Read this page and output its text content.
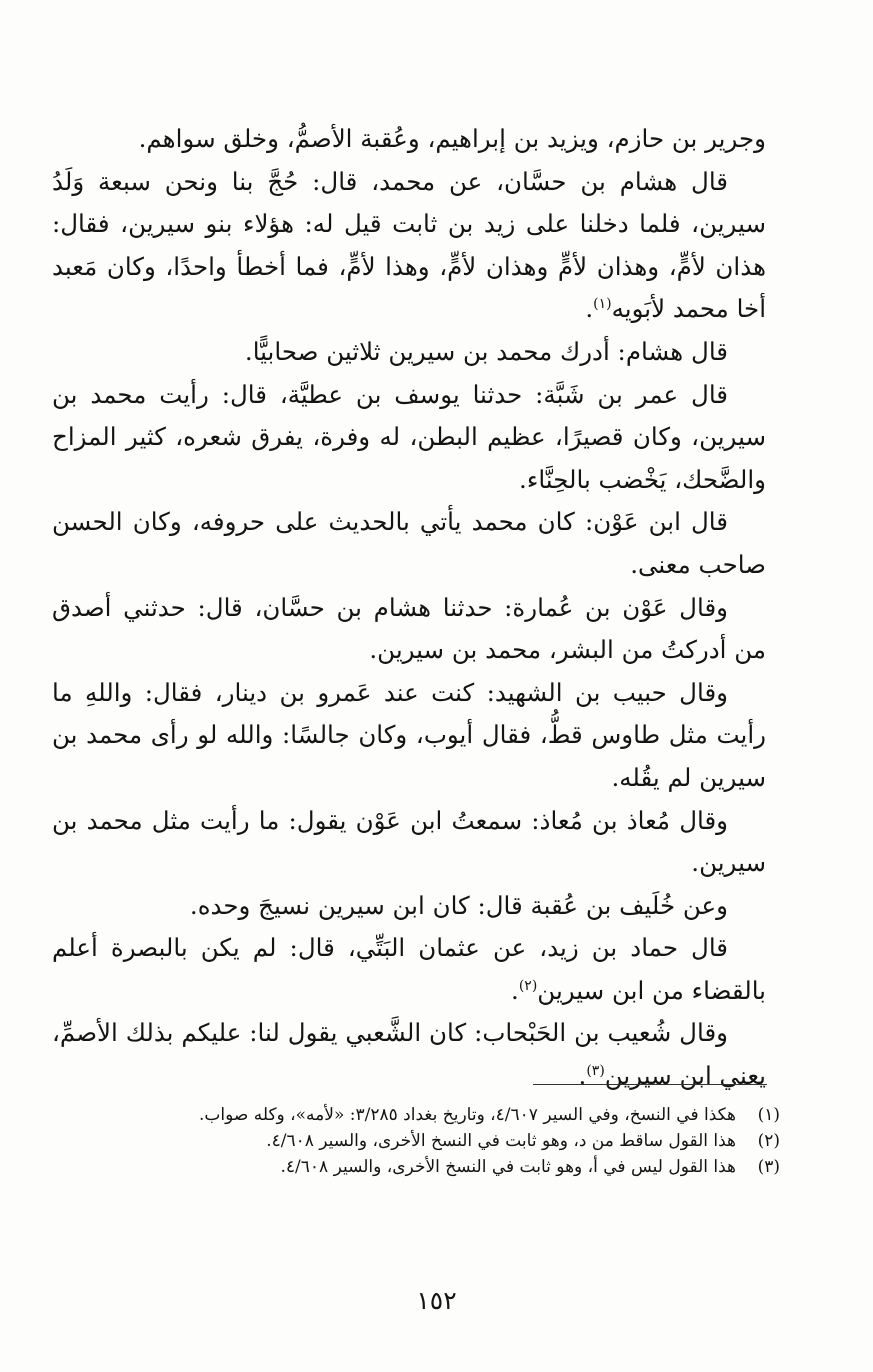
وجرير بن حازم، ويزيد بن إبراهيم، وعُقبة الأصمُّ، وخلق سواهم.

قال هشام بن حسَّان، عن محمد، قال: حُجَّ بنا ونحن سبعة وَلَدُ سيرين، فلما دخلنا على زيد بن ثابت قيل له: هؤلاء بنو سيرين، فقال: هذان لأمٍّ، وهذان لأمٍّ وهذان لأمٍّ، وهذا لأمٍّ، فما أخطأ واحدًا، وكان مَعبد أخا محمد لأبَويه$^{(١)}$.

قال هشام: أدرك محمد بن سيرين ثلاثين صحابيًّا.

قال عمر بن شَبَّة: حدثنا يوسف بن عطيَّة، قال: رأيت محمد بن سيرين، وكان قصيرًا، عظيم البطن، له وفرة، يفرق شعره، كثير المزاح والضَّحك، يَخْضب بالحِنَّاء.

قال ابن عَوْن: كان محمد يأتي بالحديث على حروفه، وكان الحسن صاحب معنى.

وقال عَوْن بن عُمارة: حدثنا هشام بن حسَّان، قال: حدثني أصدق من أدركتُ من البشر، محمد بن سيرين.

وقال حبيب بن الشهيد: كنت عند عَمرو بن دينار، فقال: واللهِ ما رأيت مثل طاوس قطُّ، فقال أيوب، وكان جالسًا: والله لو رأى محمد بن سيرين لم يقُله.

وقال مُعاذ بن مُعاذ: سمعتُ ابن عَوْن يقول: ما رأيت مثل محمد بن سيرين.

وعن خُلَيف بن عُقبة قال: كان ابن سيرين نسيجَ وحده.

قال حماد بن زيد، عن عثمان البَتِّي، قال: لم يكن بالبصرة أعلم بالقضاء من ابن سيرين$^{(٢)}$.

وقال شُعيب بن الحَبْحاب: كان الشَّعبي يقول لنا: عليكم بذلك الأصمِّ، يعني ابن سيرين$^{(٣)}$.

(١)
هكذا في النسخ، وفي السير ٤/٦٠٧، وتاريخ بغداد ٣/٢٨٥: «لأمه»، وكله صواب.
(٢)
هذا القول ساقط من د، وهو ثابت في النسخ الأخرى، والسير ٤/٦٠٨.
(٣)
هذا القول ليس في أ، وهو ثابت في النسخ الأخرى، والسير ٤/٦٠٨.
١٥٢
